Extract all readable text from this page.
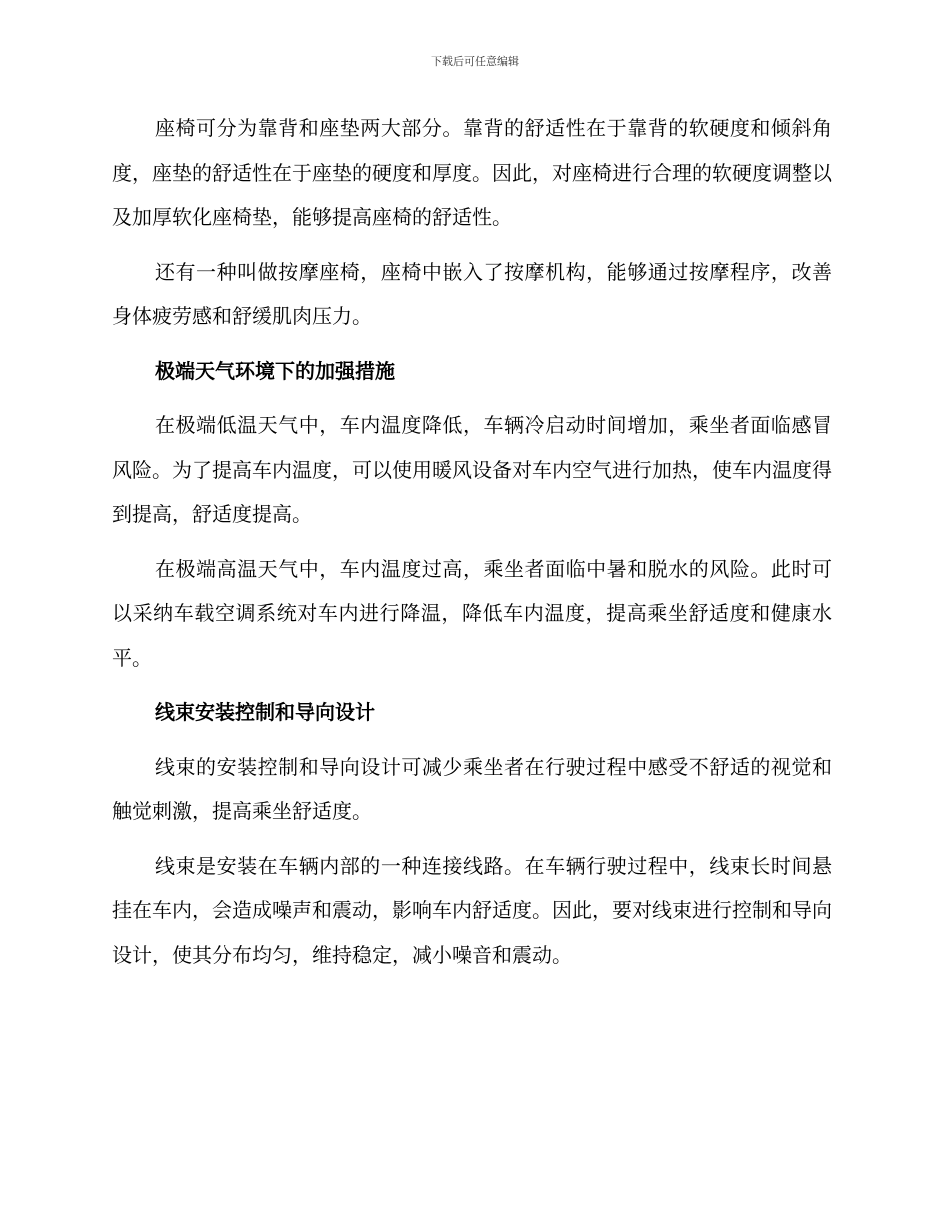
下载后可任意编辑

座椅可分为靠背和座垫两大部分。靠背的舒适性在于靠背的软硬度和倾斜角度，座垫的舒适性在于座垫的硬度和厚度。因此，对座椅进行合理的软硬度调整以及加厚软化座椅垫，能够提高座椅的舒适性。

还有一种叫做按摩座椅，座椅中嵌入了按摩机构，能够通过按摩程序，改善身体疲劳感和舒缓肌肉压力。

极端天气环境下的加强措施

在极端低温天气中，车内温度降低，车辆冷启动时间增加，乘坐者面临感冒风险。为了提高车内温度，可以使用暖风设备对车内空气进行加热，使车内温度得到提高，舒适度提高。

在极端高温天气中，车内温度过高，乘坐者面临中暑和脱水的风险。此时可以采纳车载空调系统对车内进行降温，降低车内温度，提高乘坐舒适度和健康水平。

线束安装控制和导向设计

线束的安装控制和导向设计可减少乘坐者在行驶过程中感受不舒适的视觉和触觉刺激，提高乘坐舒适度。

线束是安装在车辆内部的一种连接线路。在车辆行驶过程中，线束长时间悬挂在车内，会造成噪声和震动，影响车内舒适度。因此，要对线束进行控制和导向设计，使其分布均匀，维持稳定，减小噪音和震动。
